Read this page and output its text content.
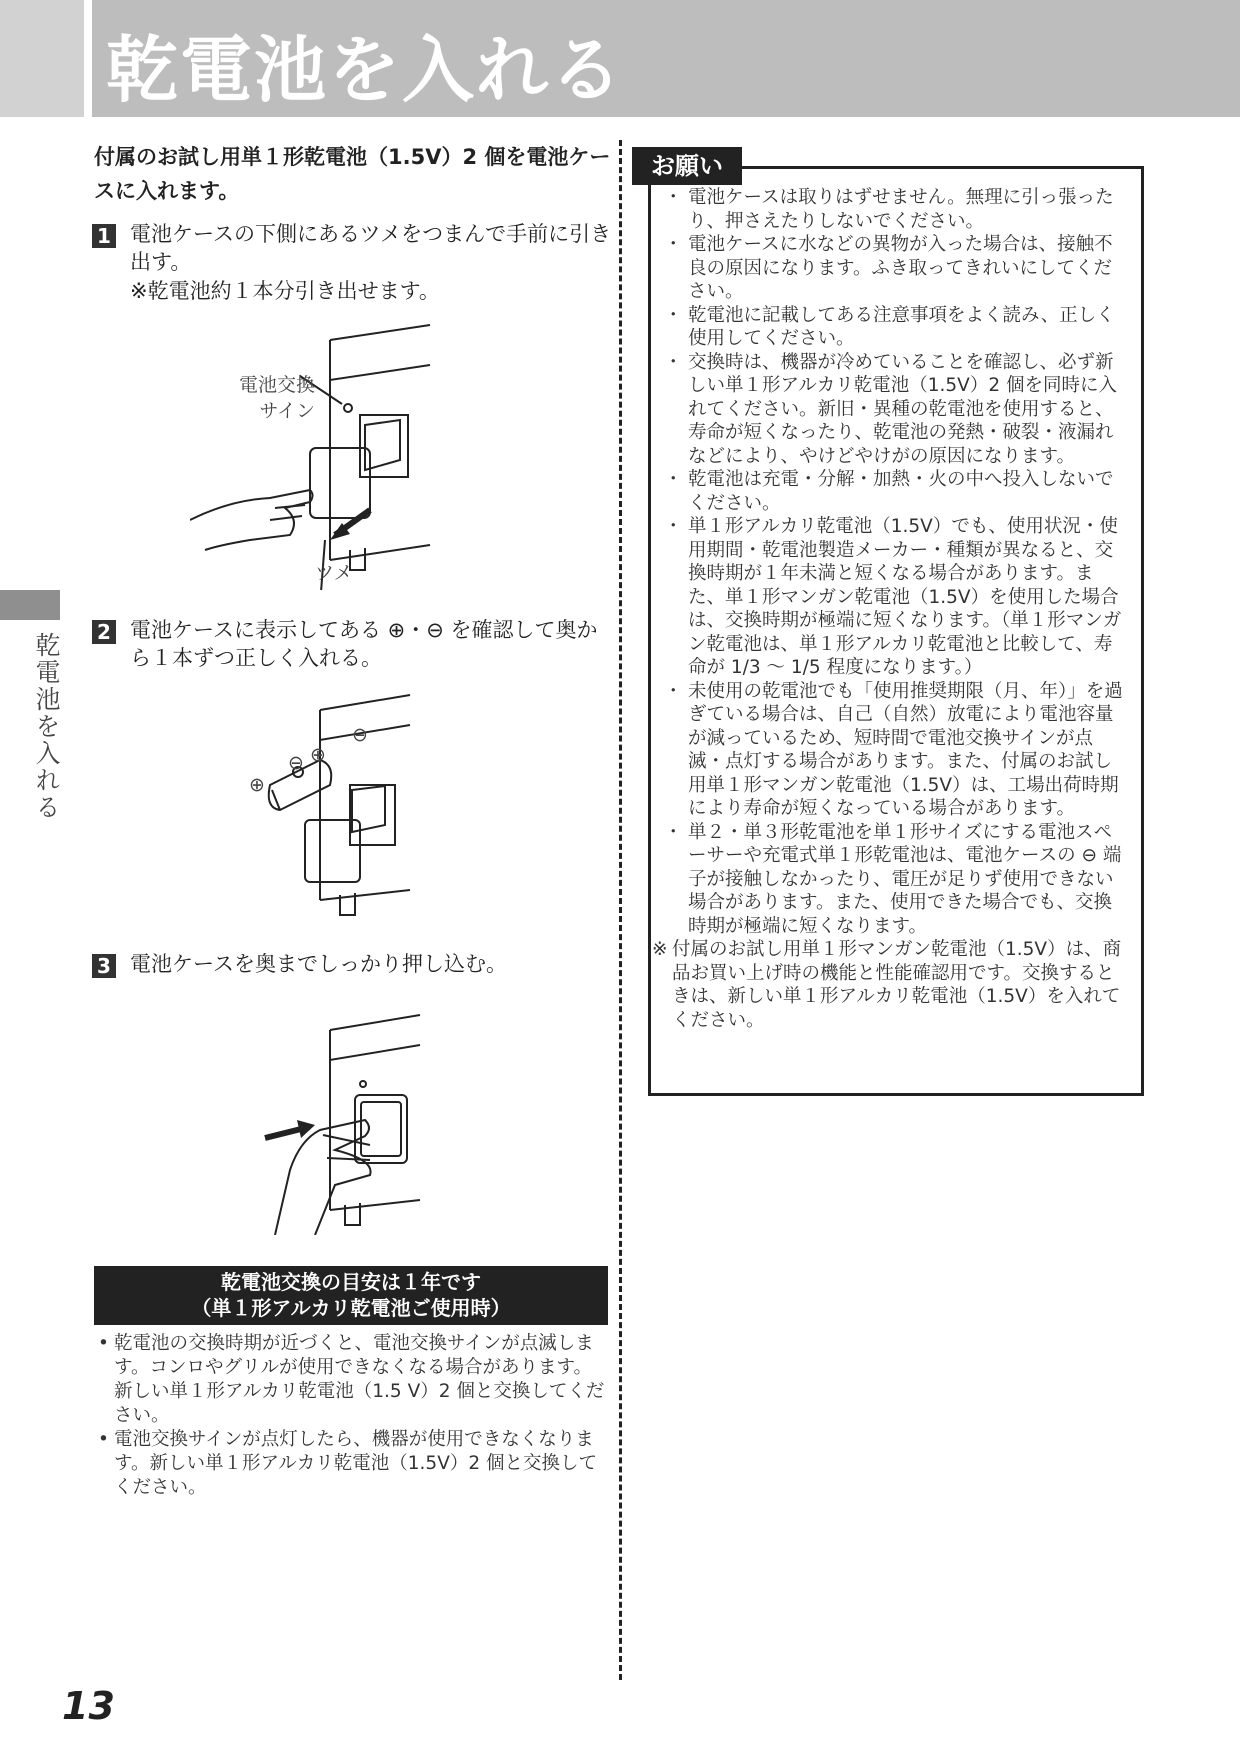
乾電池を入れる
乾電池を入れる
付属のお試し用単１形乾電池（1.5V）2 個を電池ケースに入れます。
1 電池ケースの下側にあるツメをつまんで手前に引き出す。
※乾電池約１本分引き出せます。
電池交換
サイン
ツメ
2 電池ケースに表示してある ⊕・⊖ を確認して奥から１本ずつ正しく入れる。
⊕
⊖ ⊕
⊖
3 電池ケースを奥までしっかり押し込む。
乾電池交換の目安は１年です
（単１形アルカリ乾電池ご使用時）
• 乾電池の交換時期が近づくと、電池交換サインが点滅します。コンロやグリルが使用できなくなる場合があります。新しい単１形アルカリ乾電池（1.5 V）2 個と交換してください。
• 電池交換サインが点灯したら、機器が使用できなくなります。新しい単１形アルカリ乾電池（1.5V）2 個と交換してください。
お願い
・ 電池ケースは取りはずせません。無理に引っ張ったり、押さえたりしないでください。
・ 電池ケースに水などの異物が入った場合は、接触不良の原因になります。ふき取ってきれいにしてください。
・ 乾電池に記載してある注意事項をよく読み、正しく使用してください。
・ 交換時は、機器が冷めていることを確認し、必ず新しい単１形アルカリ乾電池（1.5V）2 個を同時に入れてください。新旧・異種の乾電池を使用すると、寿命が短くなったり、乾電池の発熱・破裂・液漏れなどにより、やけどやけがの原因になります。
・ 乾電池は充電・分解・加熱・火の中へ投入しないでください。
・ 単１形アルカリ乾電池（1.5V）でも、使用状況・使用期間・乾電池製造メーカー・種類が異なると、交換時期が１年未満と短くなる場合があります。また、単１形マンガン乾電池（1.5V）を使用した場合は、交換時期が極端に短くなります。（単１形マンガン乾電池は、単１形アルカリ乾電池と比較して、寿命が 1/3 〜 1/5 程度になります。）
・ 未使用の乾電池でも「使用推奨期限（月、年）」を過ぎている場合は、自己（自然）放電により電池容量が減っているため、短時間で電池交換サインが点滅・点灯する場合があります。また、付属のお試し用単１形マンガン乾電池（1.5V）は、工場出荷時期により寿命が短くなっている場合があります。
・ 単２・単３形乾電池を単１形サイズにする電池スペーサーや充電式単１形乾電池は、電池ケースの ⊖ 端子が接触しなかったり、電圧が足りず使用できない場合があります。また、使用できた場合でも、交換時期が極端に短くなります。
※ 付属のお試し用単１形マンガン乾電池（1.5V）は、商品お買い上げ時の機能と性能確認用です。交換するときは、新しい単１形アルカリ乾電池（1.5V）を入れてください。
13
